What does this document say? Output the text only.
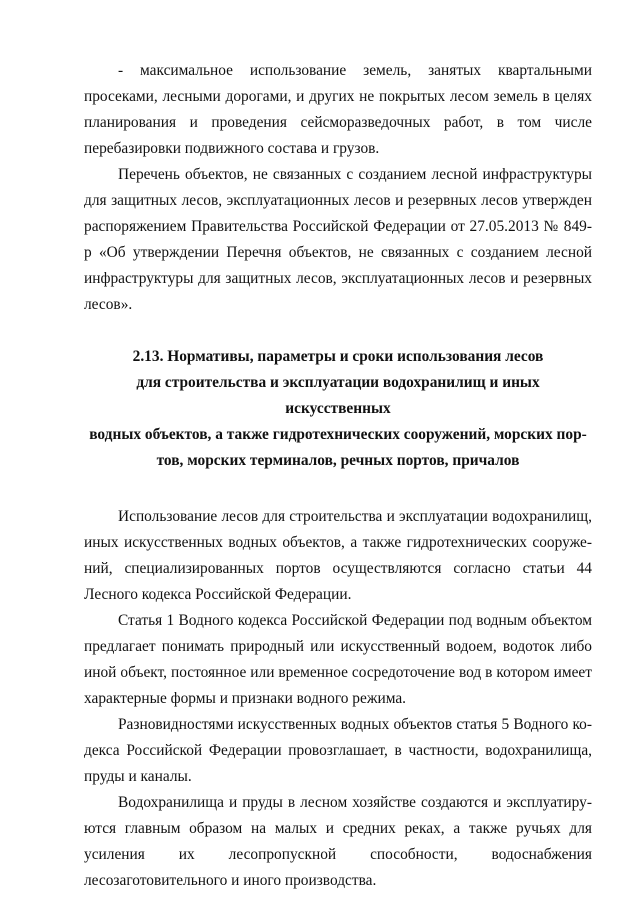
- максимальное использование земель, занятых квартальными просеками, лесными дорогами, и других не покрытых лесом земель в целях планирования и проведения сейсморазведочных работ, в том числе перебазировки подвижного состава и грузов.

Перечень объектов, не связанных с созданием лесной инфраструктуры для защитных лесов, эксплуатационных лесов и резервных лесов утвержден распоряжением Правительства Российской Федерации от 27.05.2013 № 849-р «Об утверждении Перечня объектов, не связанных с созданием лесной инфраструктуры для защитных лесов, эксплуатационных лесов и резервных лесов».

2.13. Нормативы, параметры и сроки использования лесов
для строительства и эксплуатации водохранилищ и иных искусственных
водных объектов, а также гидротехнических сооружений, морских пор-
тов, морских терминалов, речных портов, причалов

Использование лесов для строительства и эксплуатации водохранилищ, иных искусственных водных объектов, а также гидротехнических сооружений, специализированных портов осуществляются согласно статьи 44 Лесного кодекса Российской Федерации.

Статья 1 Водного кодекса Российской Федерации под водным объектом предлагает понимать природный или искусственный водоем, водоток либо иной объект, постоянное или временное сосредоточение вод в котором имеет характерные формы и признаки водного режима.

Разновидностями искусственных водных объектов статья 5 Водного кодекса Российской Федерации провозглашает, в частности, водохранилища, пруды и каналы.

Водохранилища и пруды в лесном хозяйстве создаются и эксплуатируются главным образом на малых и средних реках, а также ручьях для усиления их лесопропускной способности, водоснабжения лесозаготовительного и иного производства.
